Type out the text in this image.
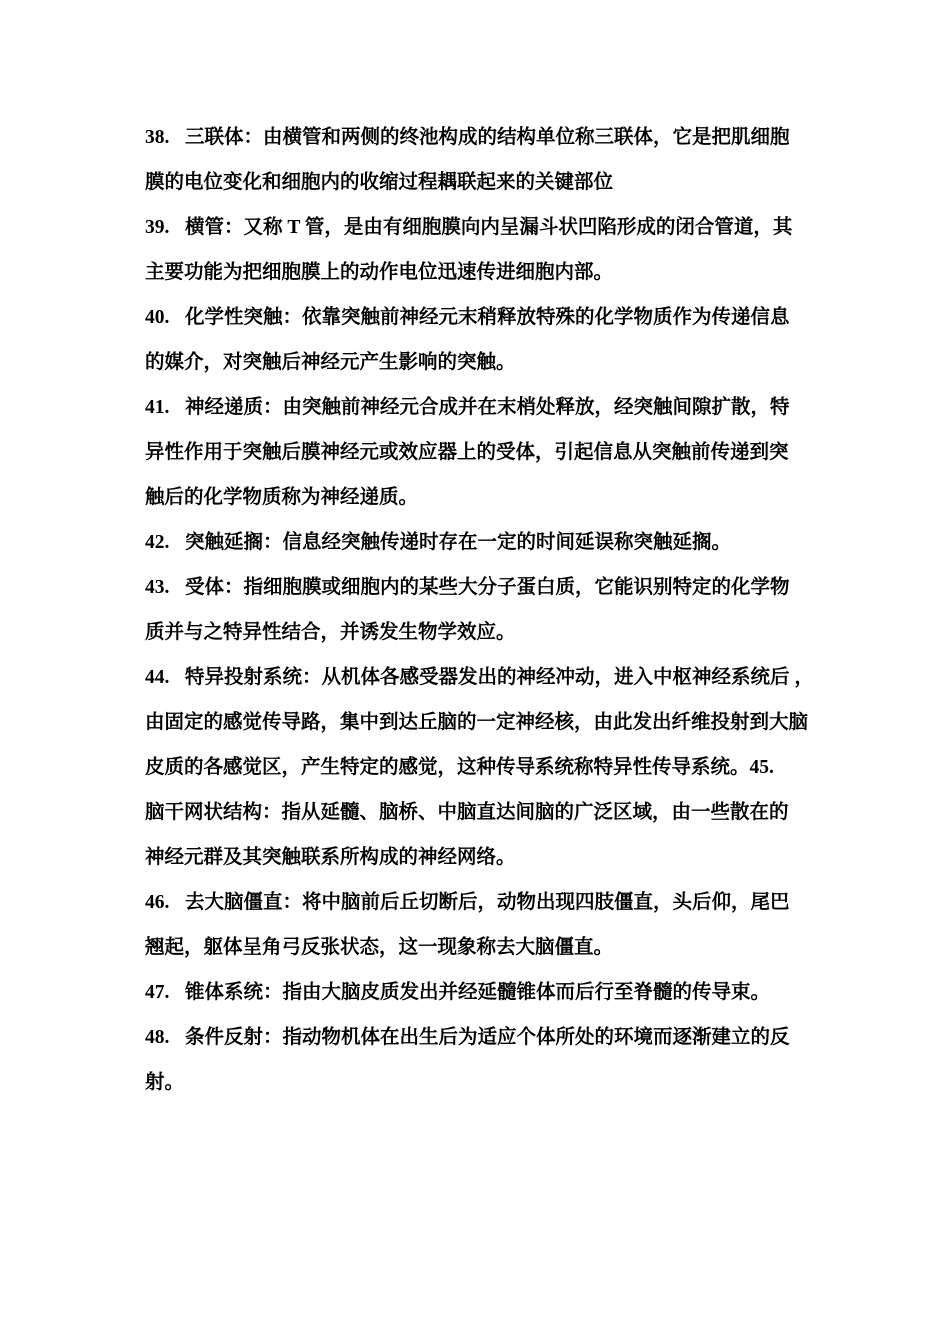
38. 三联体：由横管和两侧的终池构成的结构单位称三联体，它是把肌细胞
膜的电位变化和细胞内的收缩过程耦联起来的关键部位
39. 横管：又称 T 管，是由有细胞膜向内呈漏斗状凹陷形成的闭合管道，其
主要功能为把细胞膜上的动作电位迅速传进细胞内部。
40. 化学性突触：依靠突触前神经元末稍释放特殊的化学物质作为传递信息
的媒介，对突触后神经元产生影响的突触。
41. 神经递质：由突触前神经元合成并在末梢处释放，经突触间隙扩散，特
异性作用于突触后膜神经元或效应器上的受体，引起信息从突触前传递到突
触后的化学物质称为神经递质。
42. 突触延搁：信息经突触传递时存在一定的时间延误称突触延搁。
43. 受体：指细胞膜或细胞内的某些大分子蛋白质，它能识别特定的化学物
质并与之特异性结合，并诱发生物学效应。
44. 特异投射系统：从机体各感受器发出的神经冲动，进入中枢神经系统后 ，
由固定的感觉传导路，集中到达丘脑的一定神经核，由此发出纤维投射到大脑
皮质的各感觉区，产生特定的感觉，这种传导系统称特异性传导系统。45.
脑干网状结构：指从延髓、脑桥、中脑直达间脑的广泛区域，由一些散在的
神经元群及其突触联系所构成的神经网络。
46. 去大脑僵直：将中脑前后丘切断后，动物出现四肢僵直，头后仰，尾巴
翘起，躯体呈角弓反张状态，这一现象称去大脑僵直。
47. 锥体系统：指由大脑皮质发出并经延髓锥体而后行至脊髓的传导束。
48. 条件反射：指动物机体在出生后为适应个体所处的环境而逐渐建立的反
射。
